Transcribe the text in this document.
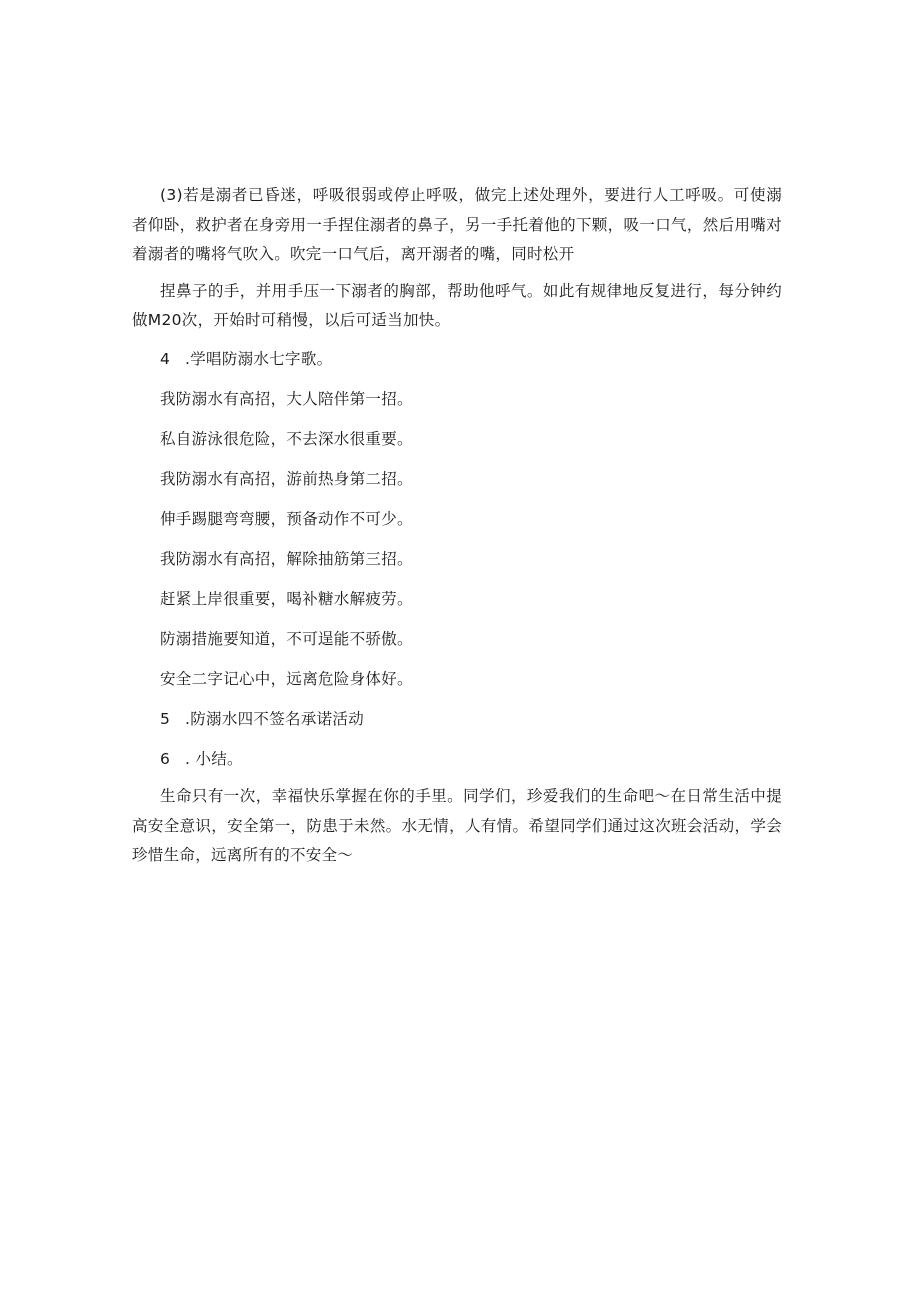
(3)若是溺者已昏迷，呼吸很弱或停止呼吸，做完上述处理外，要进行人工呼吸。可使溺者仰卧，救护者在身旁用一手捏住溺者的鼻子，另一手托着他的下颗，吸一口气，然后用嘴对着溺者的嘴将气吹入。吹完一口气后，离开溺者的嘴，同时松开

捏鼻子的手，并用手压一下溺者的胸部，帮助他呼气。如此有规律地反复进行，每分钟约做M20次，开始时可稍慢，以后可适当加快。

4 .学唱防溺水七字歌。

我防溺水有高招，大人陪伴第一招。

私自游泳很危险，不去深水很重要。

我防溺水有高招，游前热身第二招。

伸手踢腿弯弯腰，预备动作不可少。

我防溺水有高招，解除抽筋第三招。

赶紧上岸很重要，喝补糖水解疲劳。

防溺措施要知道，不可逞能不骄傲。

安全二字记心中，远离危险身体好。

5 .防溺水四不签名承诺活动

6 . 小结。

生命只有一次，幸福快乐掌握在你的手里。同学们，珍爱我们的生命吧～在日常生活中提高安全意识，安全第一，防患于未然。水无情，人有情。希望同学们通过这次班会活动，学会珍惜生命，远离所有的不安全～
